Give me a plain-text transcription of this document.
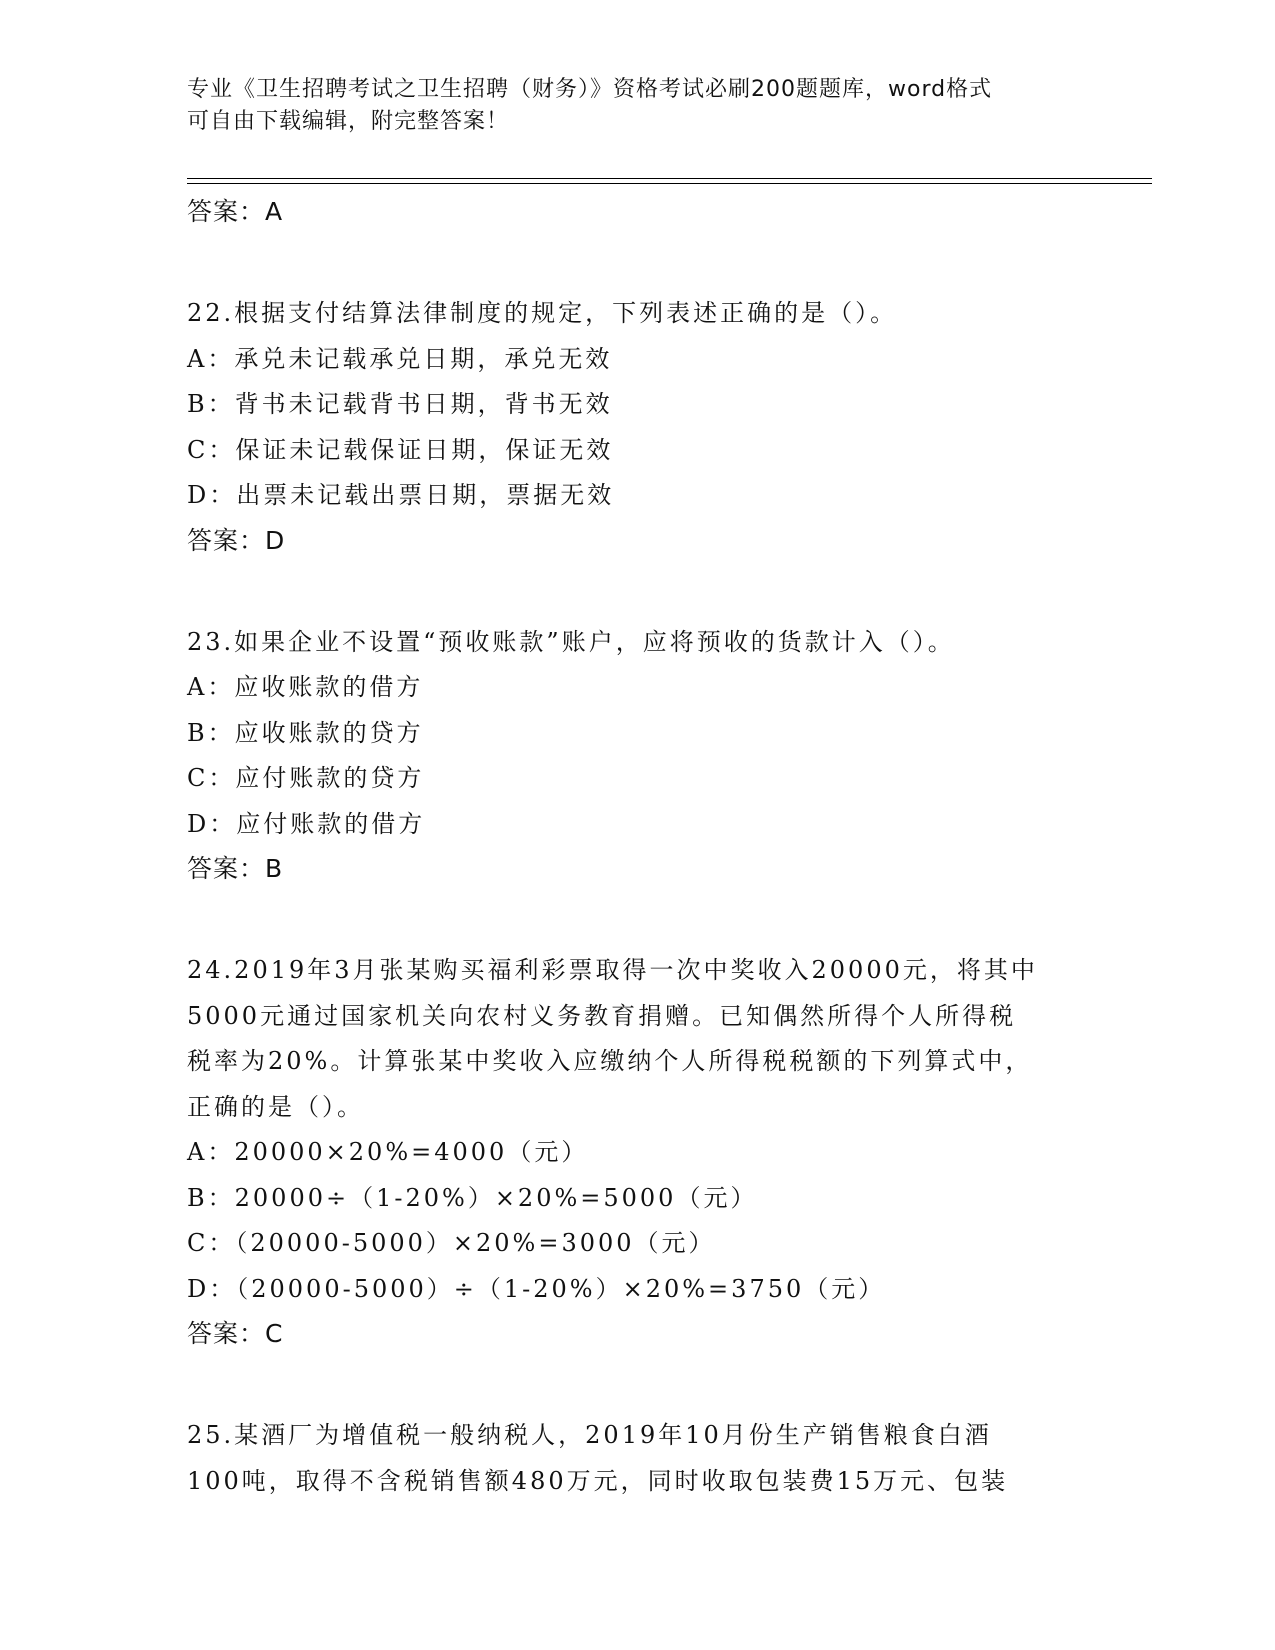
专业《卫生招聘考试之卫生招聘（财务）》资格考试必刷200题题库，word格式
可自由下载编辑，附完整答案！
答案：A
22.根据支付结算法律制度的规定，下列表述正确的是（）。
A：承兑未记载承兑日期，承兑无效
B：背书未记载背书日期，背书无效
C：保证未记载保证日期，保证无效
D：出票未记载出票日期，票据无效
答案：D
23.如果企业不设置“预收账款”账户，应将预收的货款计入（）。
A：应收账款的借方
B：应收账款的贷方
C：应付账款的贷方
D：应付账款的借方
答案：B
24.2019年3月张某购买福利彩票取得一次中奖收入20000元，将其中
5000元通过国家机关向农村义务教育捐赠。已知偶然所得个人所得税
税率为20%。计算张某中奖收入应缴纳个人所得税税额的下列算式中，
正确的是（）。
A：20000×20%=4000（元）
B：20000÷（1-20%）×20%=5000（元）
C：（20000-5000）×20%=3000（元）
D：（20000-5000）÷（1-20%）×20%=3750（元）
答案：C
25.某酒厂为增值税一般纳税人，2019年10月份生产销售粮食白酒
100吨，取得不含税销售额480万元，同时收取包装费15万元、包装
